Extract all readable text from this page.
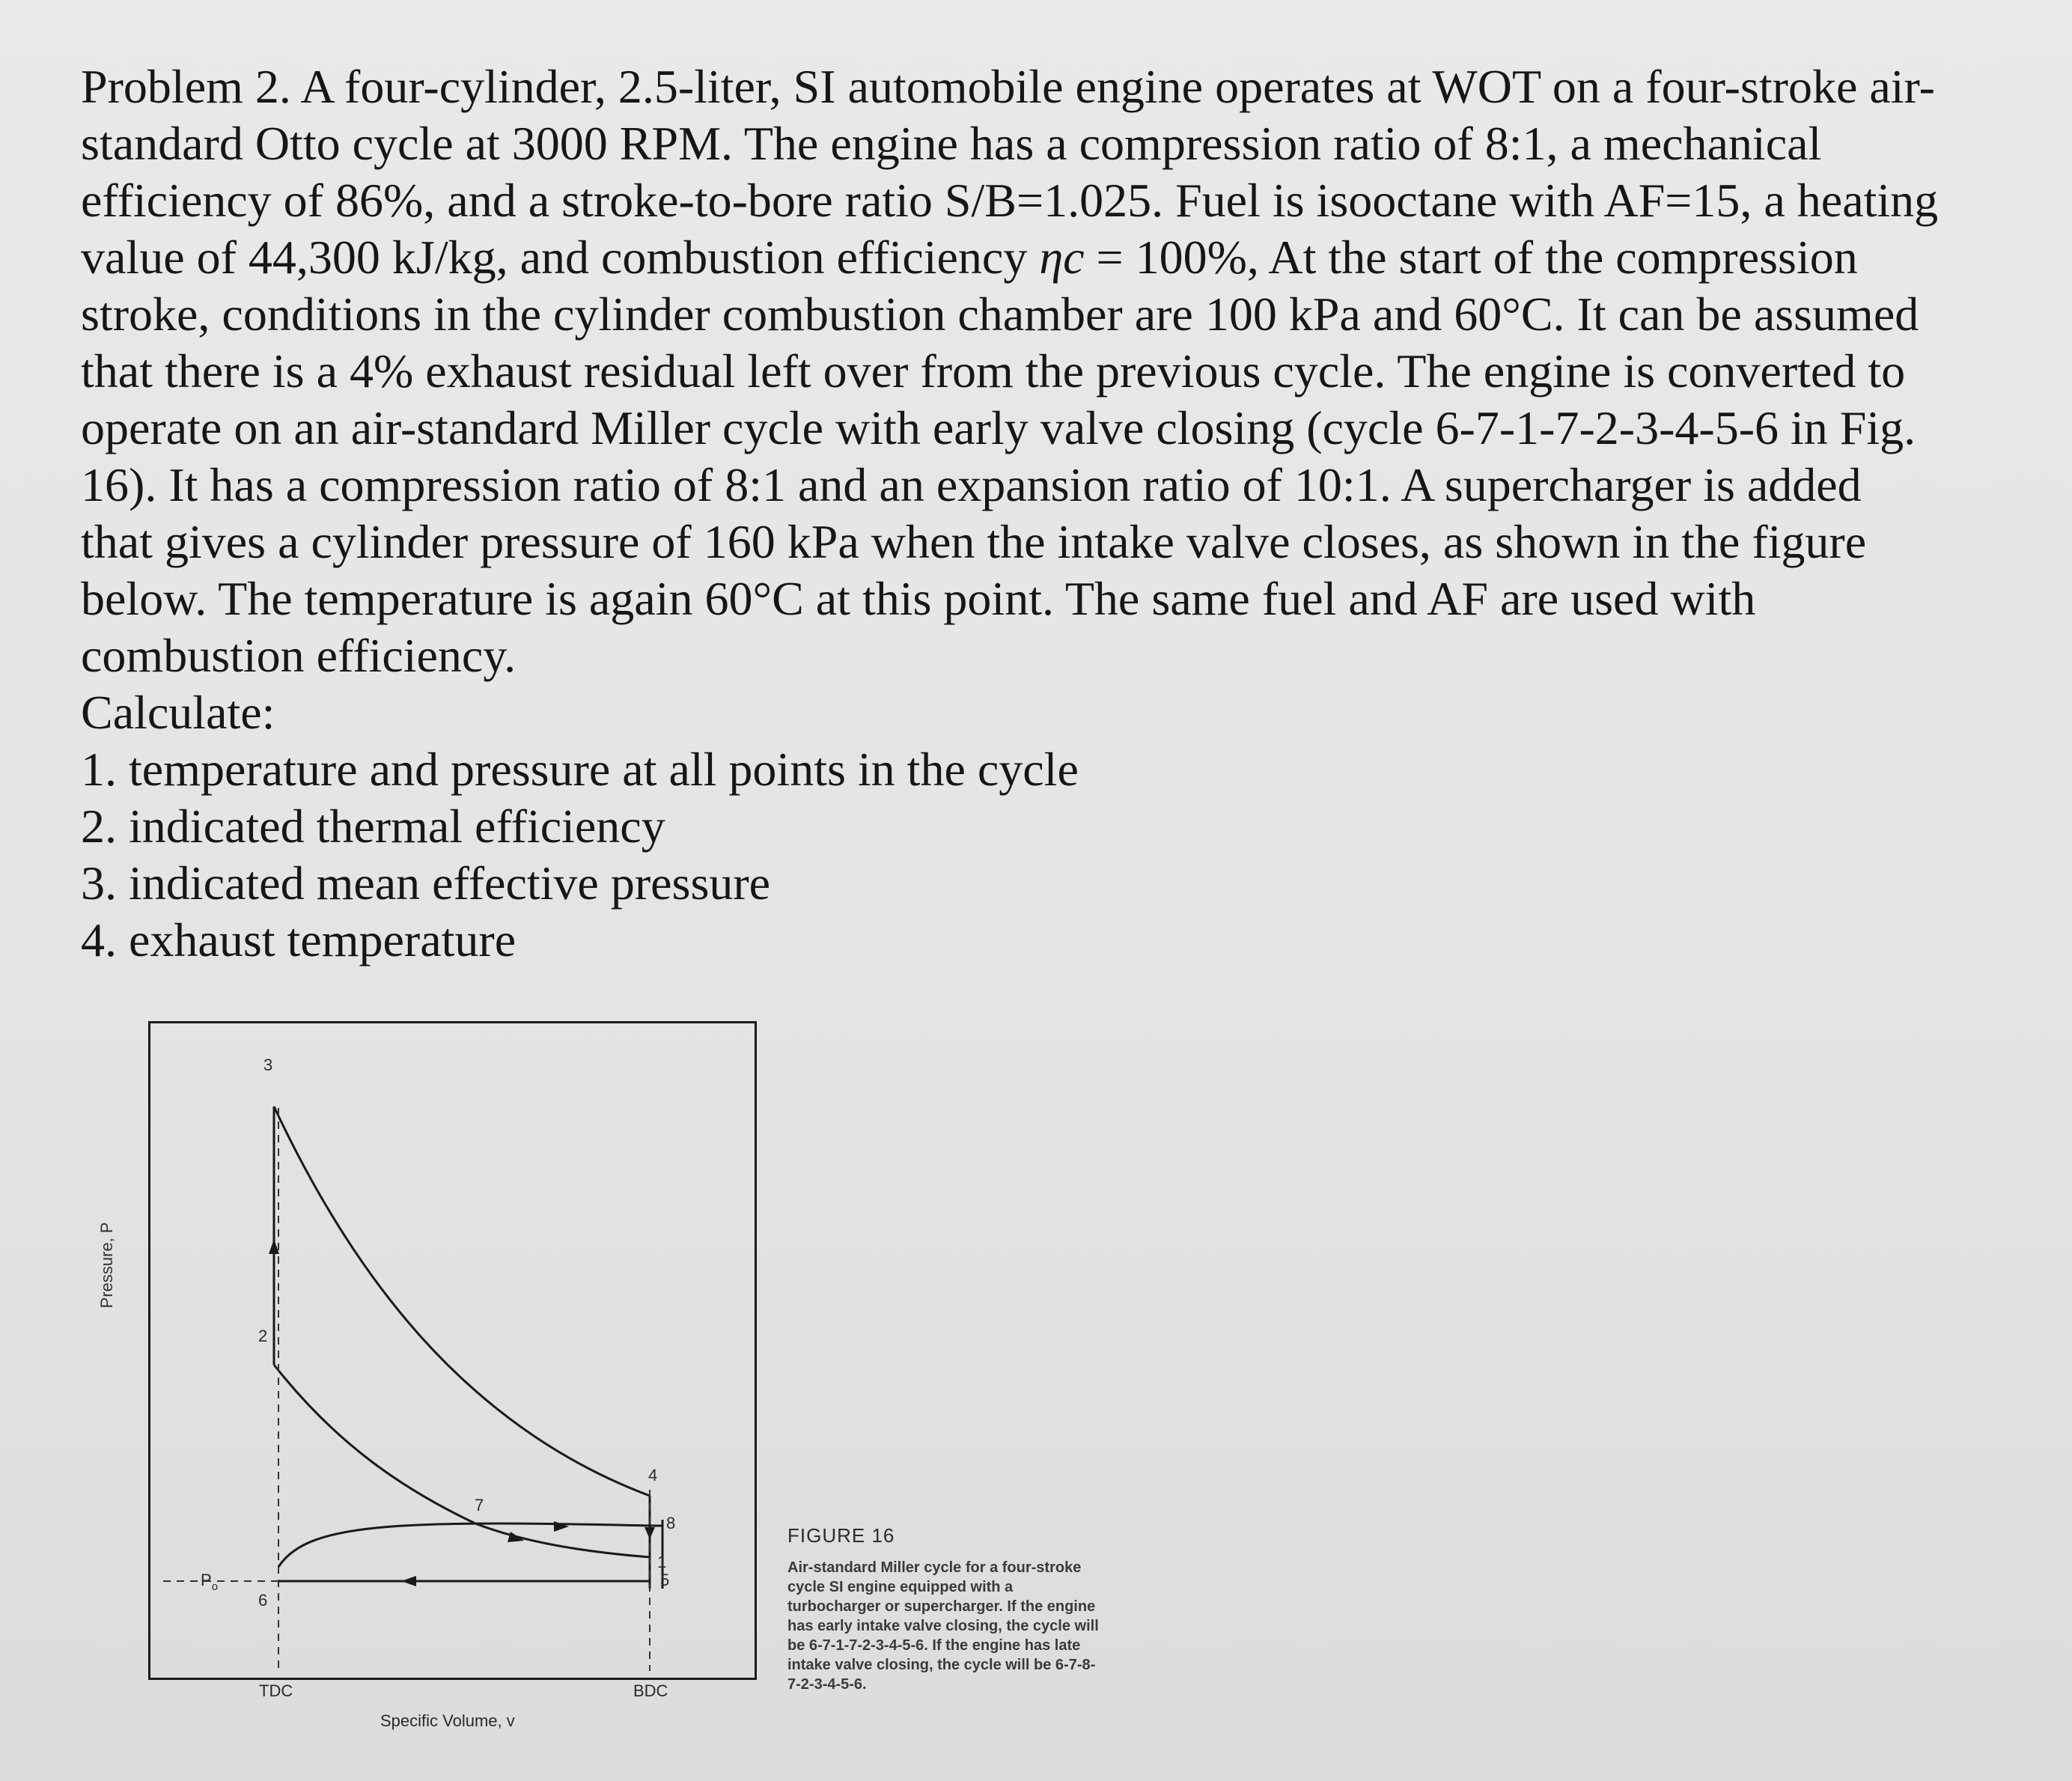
Problem 2. A four-cylinder, 2.5-liter, SI automobile engine operates at WOT on a four-stroke air-

standard Otto cycle at 3000 RPM. The engine has a compression ratio of 8:1, a mechanical

efficiency of 86%, and a stroke-to-bore ratio S/B=1.025. Fuel is isooctane with AF=15, a heating

value of 44,300 kJ/kg, and combustion efficiency ηc = 100%, At the start of the compression

stroke, conditions in the cylinder combustion chamber are 100 kPa and 60°C. It can be assumed

that there is a 4% exhaust residual left over from the previous cycle. The engine is converted to

operate on an air-standard Miller cycle with early valve closing (cycle 6-7-1-7-2-3-4-5-6 in Fig.

16). It has a compression ratio of 8:1 and an expansion ratio of 10:1. A supercharger is added

that gives a cylinder pressure of 160 kPa when the intake valve closes, as shown in the figure

below. The temperature is again 60°C at this point. The same fuel and AF are used with

combustion efficiency.

Calculate:

1. temperature and pressure at all points in the cycle
2. indicated thermal efficiency
3. indicated mean effective pressure
4. exhaust temperature
3
2
7
4
8
1
5
6
$P_o$
TDC	BDC
Specific Volume, v
Pressure, P
FIGURE 16
Air-standard Miller cycle for a four-stroke
cycle SI engine equipped with a
turbocharger or supercharger. If the engine
has early intake valve closing, the cycle will
be 6-7-1-7-2-3-4-5-6. If the engine has late
intake valve closing, the cycle will be 6-7-8-
7-2-3-4-5-6.
